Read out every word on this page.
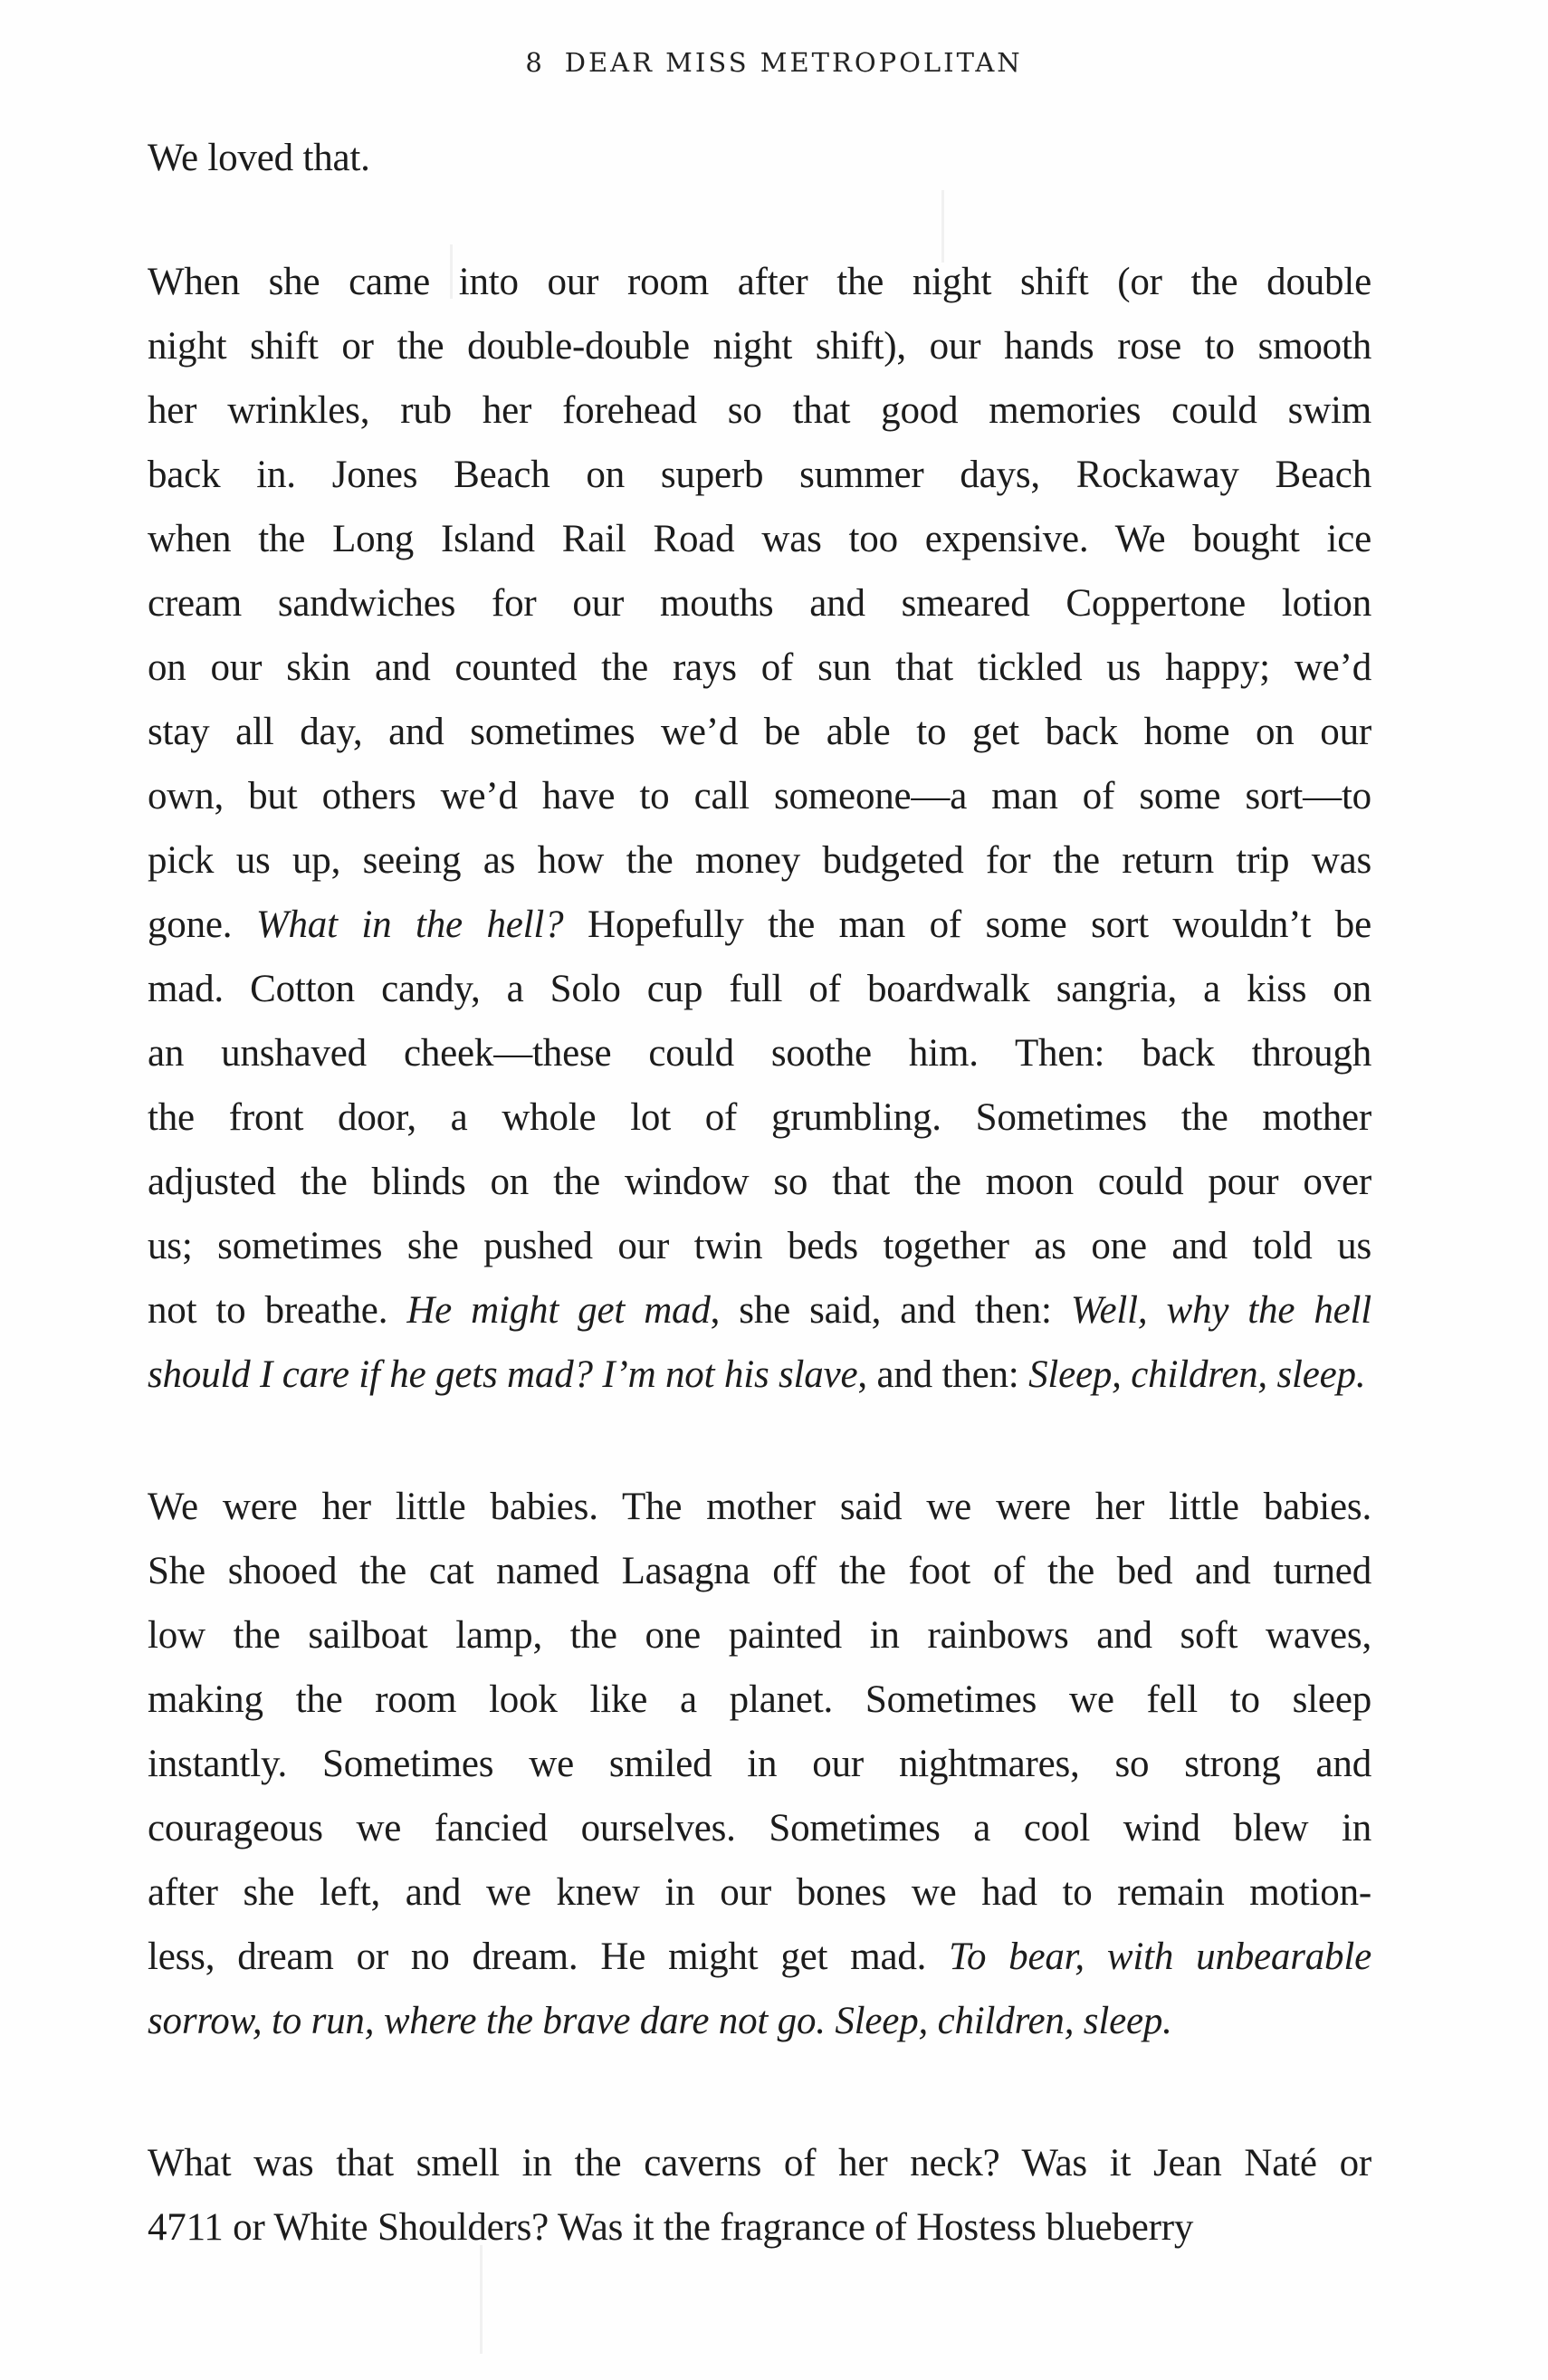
8 DEAR MISS METROPOLITAN
We loved that.
When she came into our room after the night shift (or the double
night shift or the double-double night shift), our hands rose to smooth
her wrinkles, rub her forehead so that good memories could swim
back in. Jones Beach on superb summer days, Rockaway Beach
when the Long Island Rail Road was too expensive. We bought ice
cream sandwiches for our mouths and smeared Coppertone lotion
on our skin and counted the rays of sun that tickled us happy; we’d
stay all day, and sometimes we’d be able to get back home on our
own, but others we’d have to call someone—a man of some sort—to
pick us up, seeing as how the money budgeted for the return trip was
gone. What in the hell? Hopefully the man of some sort wouldn’t be
mad. Cotton candy, a Solo cup full of boardwalk sangria, a kiss on
an unshaved cheek—these could soothe him. Then: back through
the front door, a whole lot of grumbling. Sometimes the mother
adjusted the blinds on the window so that the moon could pour over
us; sometimes she pushed our twin beds together as one and told us
not to breathe. He might get mad, she said, and then: Well, why the hell
should I care if he gets mad? I’m not his slave, and then: Sleep, children, sleep.
We were her little babies. The mother said we were her little babies.
She shooed the cat named Lasagna off the foot of the bed and turned
low the sailboat lamp, the one painted in rainbows and soft waves,
making the room look like a planet. Sometimes we fell to sleep
instantly. Sometimes we smiled in our nightmares, so strong and
courageous we fancied ourselves. Sometimes a cool wind blew in
after she left, and we knew in our bones we had to remain motion-
less, dream or no dream. He might get mad. To bear, with unbearable
sorrow, to run, where the brave dare not go. Sleep, children, sleep.
What was that smell in the caverns of her neck? Was it Jean Naté or
4711 or White Shoulders? Was it the fragrance of Hostess blueberry
